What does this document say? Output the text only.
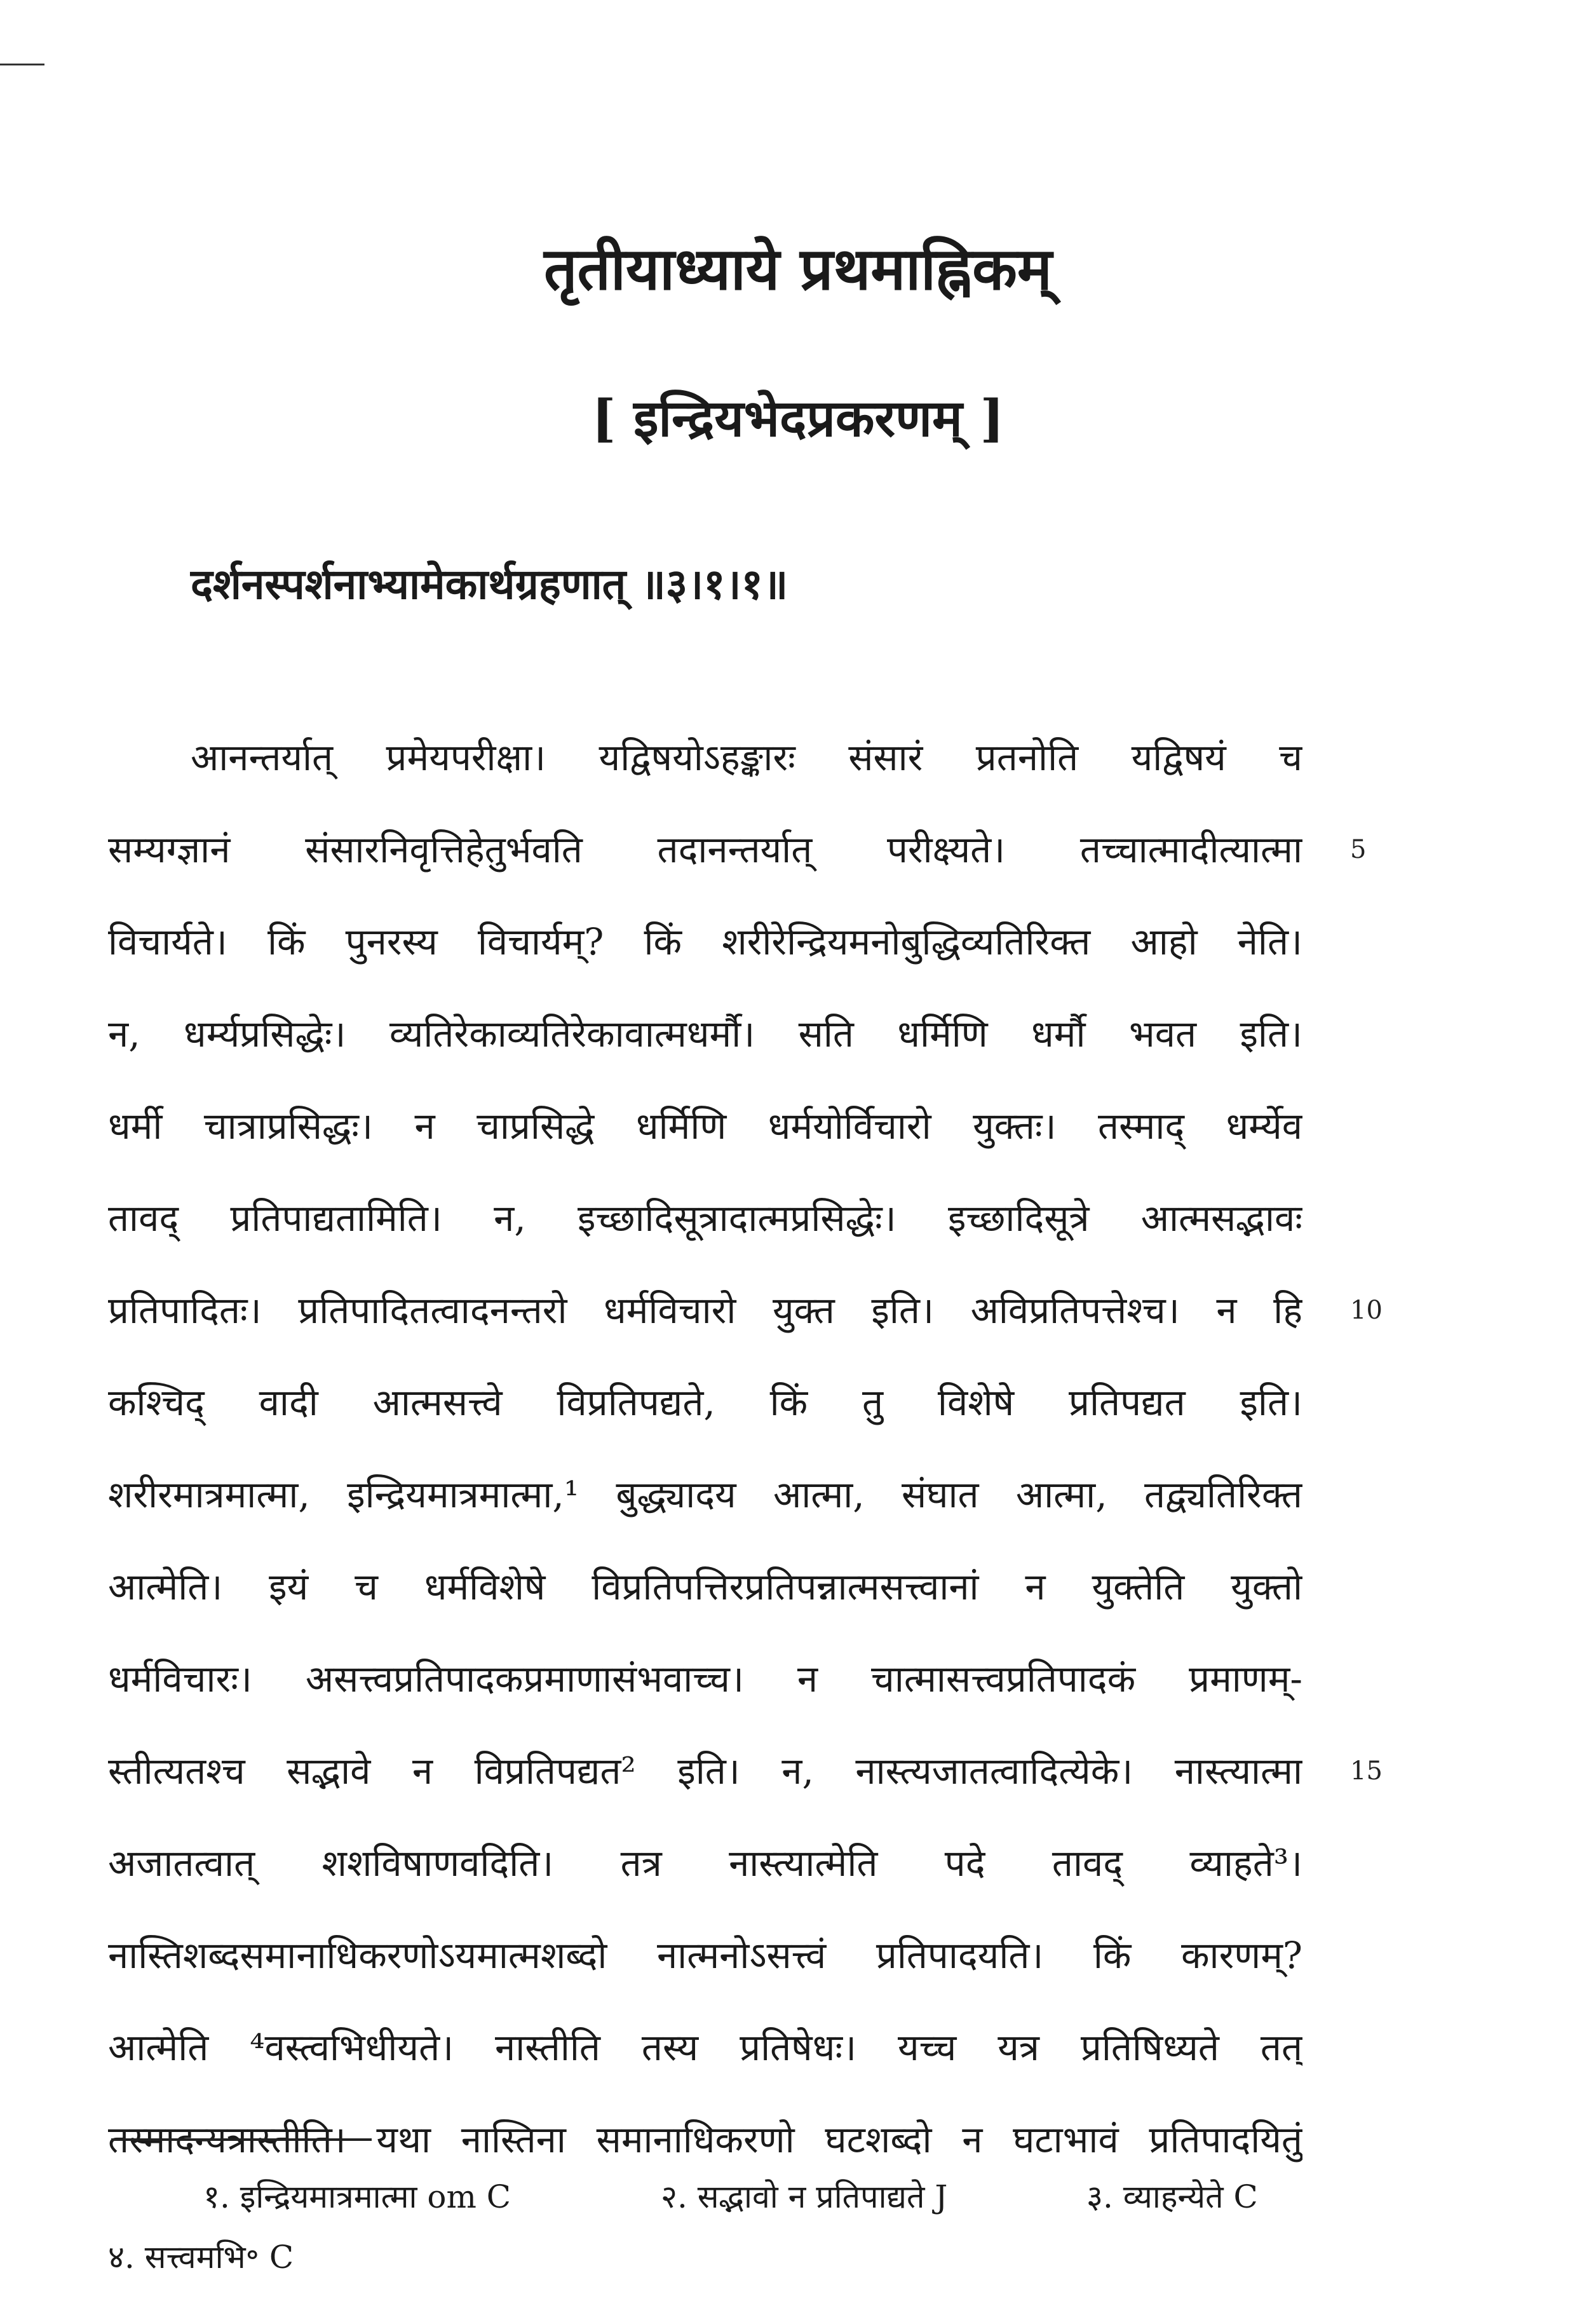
तृतीयाध्याये प्रथमाह्निकम्
[ इन्द्रियभेदप्रकरणम् ]
दर्शनस्पर्शनाभ्यामेकार्थग्रहणात् ॥३।१।१॥
आनन्तर्यात् प्रमेयपरीक्षा। यद्विषयोऽहङ्कारः संसारं प्रतनोति यद्विषयं च
सम्यग्ज्ञानं संसारनिवृत्तिहेतुर्भवति तदानन्तर्यात् परीक्ष्यते। तच्चात्मादीत्यात्मा
विचार्यते। किं पुनरस्य विचार्यम्? किं शरीरेन्द्रियमनोबुद्धिव्यतिरिक्त आहो नेति।
न, धर्म्यप्रसिद्धेः। व्यतिरेकाव्यतिरेकावात्मधर्मौ। सति धर्मिणि धर्मौ भवत इति।
धर्मी चात्राप्रसिद्धः। न चाप्रसिद्धे धर्मिणि धर्मयोर्विचारो युक्तः। तस्माद् धर्म्येव
तावद् प्रतिपाद्यतामिति। न, इच्छादिसूत्रादात्मप्रसिद्धेः। इच्छादिसूत्रे आत्मसद्भावः
प्रतिपादितः। प्रतिपादितत्वादनन्तरो धर्मविचारो युक्त इति। अविप्रतिपत्तेश्च। न हि
कश्चिद् वादी आत्मसत्त्वे विप्रतिपद्यते, किं तु विशेषे प्रतिपद्यत इति।
शरीरमात्रमात्मा, इन्द्रियमात्रमात्मा,¹ बुद्ध्यादय आत्मा, संघात आत्मा, तद्व्यतिरिक्त
आत्मेति। इयं च धर्मविशेषे विप्रतिपत्तिरप्रतिपन्नात्मसत्त्वानां न युक्तेति युक्तो
धर्मविचारः। असत्त्वप्रतिपादकप्रमाणासंभवाच्च। न चात्मासत्त्वप्रतिपादकं प्रमाणम्-
स्तीत्यतश्च सद्भावे न विप्रतिपद्यत² इति। न, नास्त्यजातत्वादित्येके। नास्त्यात्मा
अजातत्वात् शशविषाणवदिति। तत्र नास्त्यात्मेति पदे तावद् व्याहते³।
नास्तिशब्दसमानाधिकरणोऽयमात्मशब्दो नात्मनोऽसत्त्वं प्रतिपादयति। किं कारणम्?
आत्मेति ⁴वस्त्वभिधीयते। नास्तीति तस्य प्रतिषेधः। यच्च यत्र प्रतिषिध्यते तत्
तस्मादन्यत्रास्तीति। यथा नास्तिना समानाधिकरणो घटशब्दो न घटाभावं प्रतिपादयितुं
5
10
15
१. इन्द्रियमात्रमात्मा om C	२. सद्भावो न प्रतिपाद्यते J	३. व्याहन्येते C
४. सत्त्वमभि॰ C
